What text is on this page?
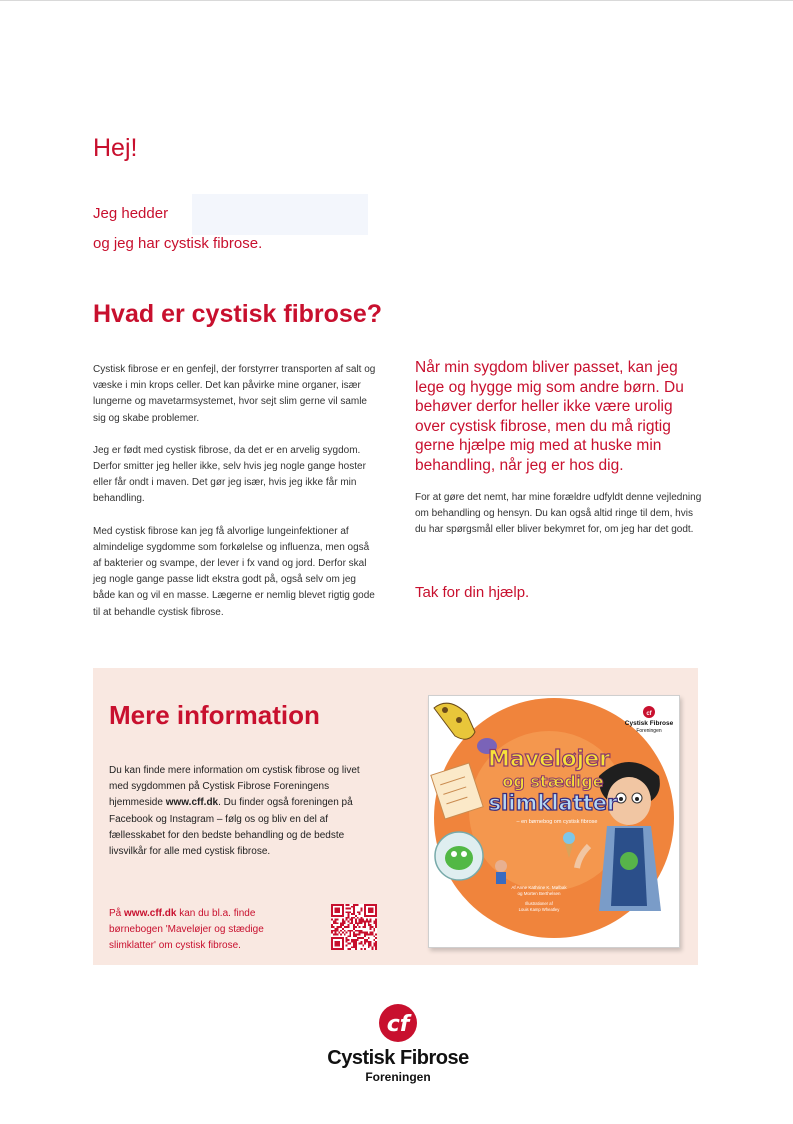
Hej!
Jeg hedder
og jeg har cystisk fibrose.
Hvad er cystisk fibrose?

Cystisk fibrose er en genfejl, der forstyrrer transporten af salt og væske i min krops celler. Det kan påvirke mine organer, især lungerne og mavetarmsystemet, hvor sejt slim gerne vil samle sig og skabe problemer.

Jeg er født med cystisk fibrose, da det er en arvelig sygdom. Derfor smitter jeg heller ikke, selv hvis jeg nogle gange hoster eller får ondt i maven. Det gør jeg især, hvis jeg ikke får min behandling.

Med cystisk fibrose kan jeg få alvorlige lungeinfektioner af almindelige sygdomme som forkølelse og influenza, men også af bakterier og svampe, der lever i fx vand og jord. Derfor skal jeg nogle gange passe lidt ekstra godt på, også selv om jeg både kan og vil en masse. Lægerne er nemlig blevet rigtig gode til at behandle cystisk fibrose.

Når min sygdom bliver passet, kan jeg lege og hygge mig som andre børn. Du behøver derfor heller ikke være urolig over cystisk fibrose, men du må rigtig gerne hjælpe mig med at huske min behandling, når jeg er hos dig.
For at gøre det nemt, har mine forældre udfyldt denne vejledning om behandling og hensyn. Du kan også altid ringe til dem, hvis du har spørgsmål eller bliver bekymret for, om jeg har det godt.
Tak for din hjælp.
Mere information
Du kan finde mere information om cystisk fibrose og livet med sygdommen på Cystisk Fibrose Foreningens hjemmeside www.cff.dk. Du finder også foreningen på Facebook og Instagram – følg os og bliv en del af fællesskabet for den bedste behandling og de bedste livsvilkår for alle med cystisk fibrose.
På www.cff.dk kan du bl.a. finde børnebogen 'Maveløjer og stædige slimklatter' om cystisk fibrose.
cf
Cystisk Fibrose
Foreningen
Maveløjer
og stædige
slimklatter
– en børnebog om cystisk fibrose
Af Anne Kathrine K. Mølbak
og Morten Berthelsen
Illustrationer af
Louis Kamp Wheatley
cf
Cystisk Fibrose
Foreningen
